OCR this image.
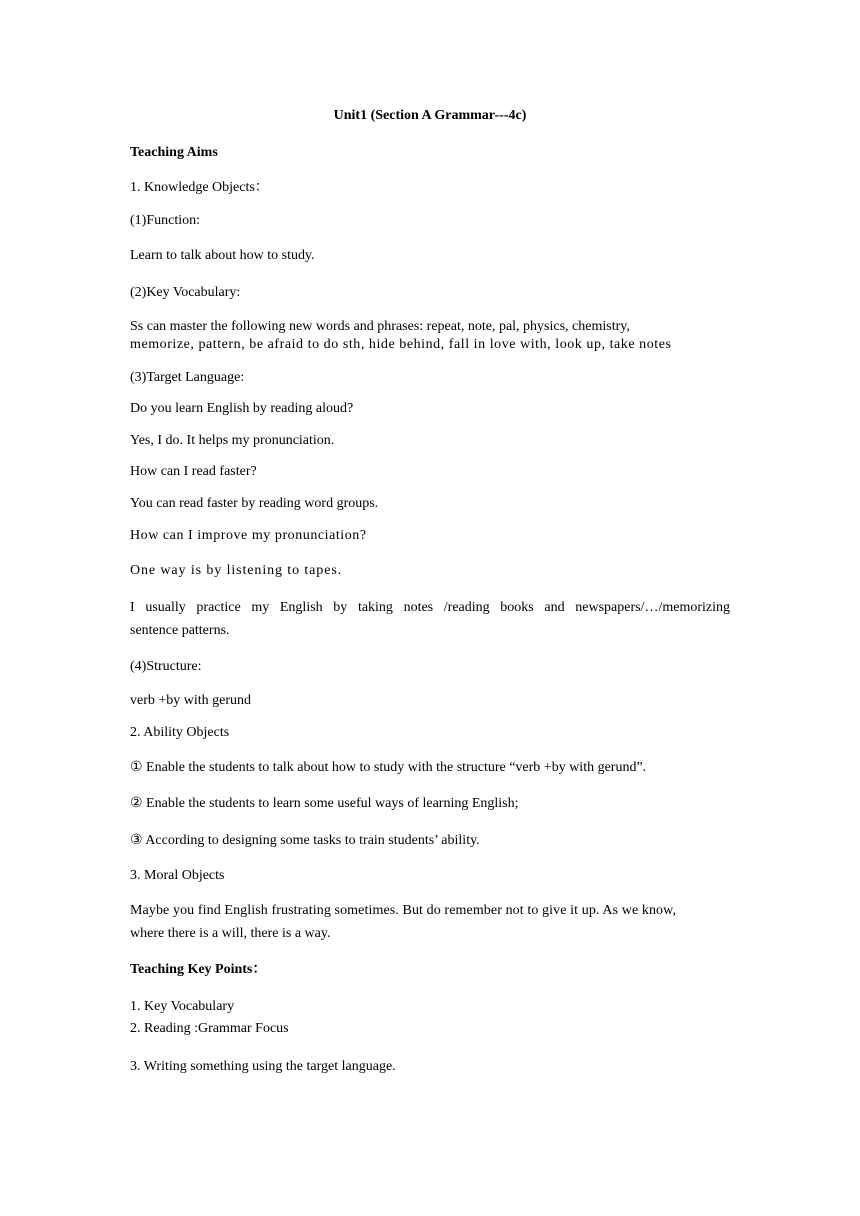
Unit1 (Section A Grammar---4c)
Teaching Aims
1. Knowledge Objects：
(1)Function:
Learn to talk about how to study.
(2)Key Vocabulary:
Ss can master the following new words and phrases: repeat, note, pal, physics, chemistry,
memorize, pattern, be afraid to do sth, hide behind, fall in love with, look up, take notes
(3)Target Language:
Do you learn English by reading aloud?
Yes, I do. It helps my pronunciation.
How can I read faster?
You can read faster by reading word groups.
How can I improve my pronunciation?
One way is by listening to tapes.
I usually practice my English by taking notes /reading books and newspapers/…/memorizing
sentence patterns.
(4)Structure:
verb +by with gerund
2. Ability Objects
① Enable the students to talk about how to study with the structure “verb +by with gerund”.
② Enable the students to learn some useful ways of learning English;
③ According to designing some tasks to train students’ ability.
3. Moral Objects
Maybe you find English frustrating sometimes. But do remember not to give it up. As we know,
where there is a will, there is a way.
Teaching Key Points：
1. Key Vocabulary
2. Reading :Grammar Focus
3. Writing something using the target language.
